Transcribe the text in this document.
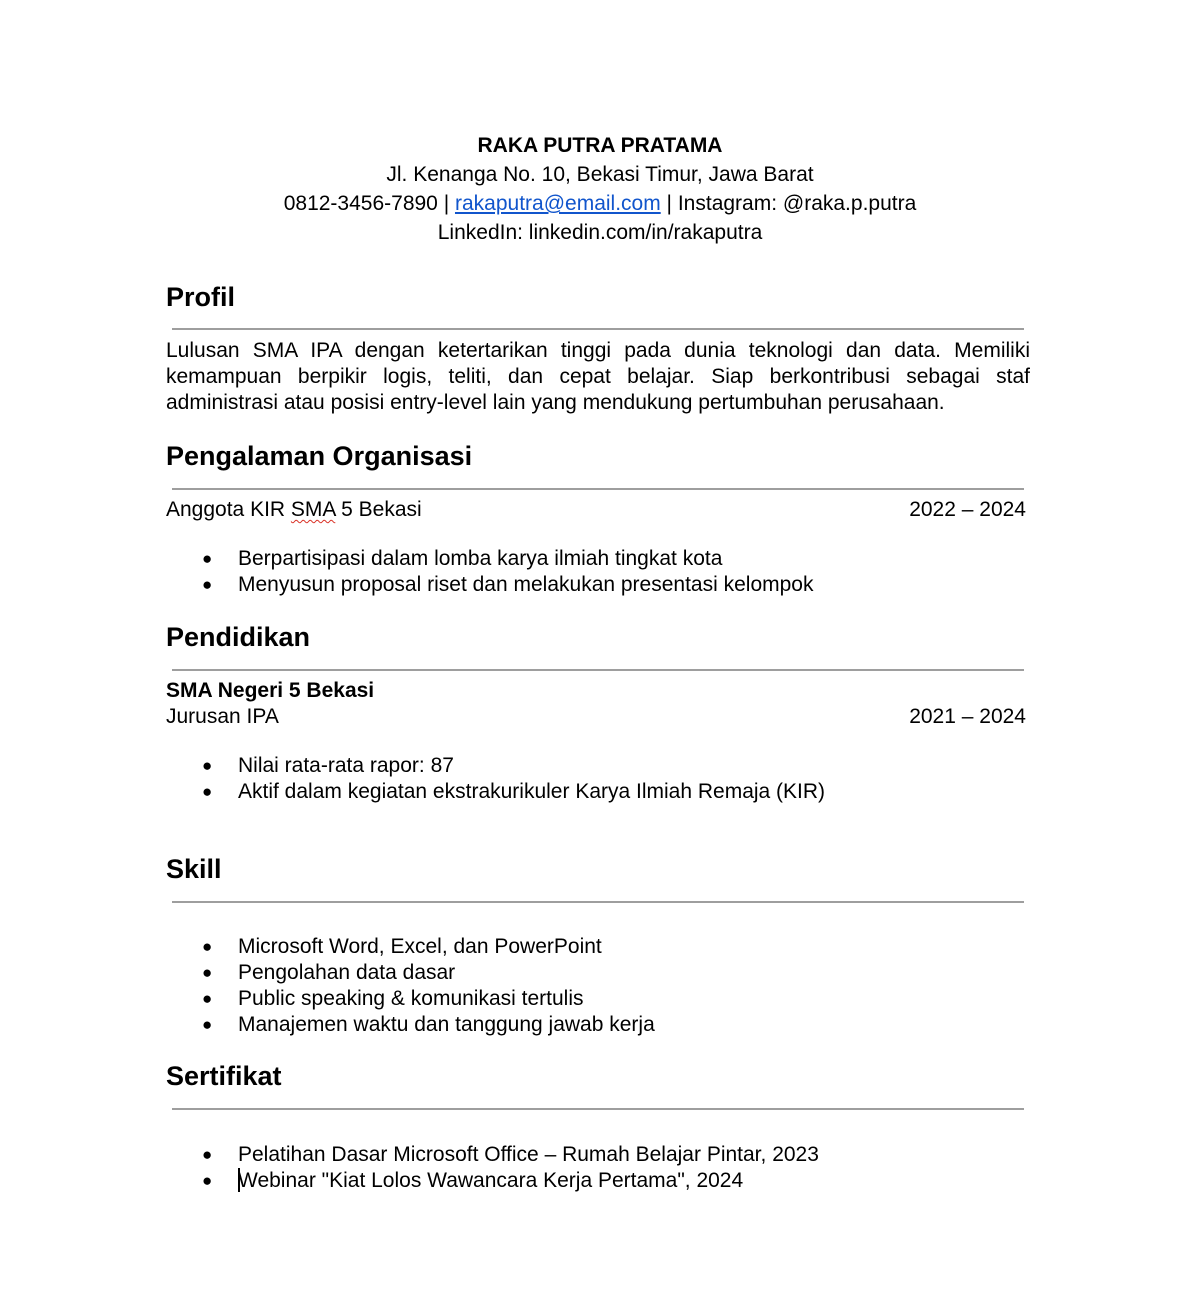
RAKA PUTRA PRATAMA
Jl. Kenanga No. 10, Bekasi Timur, Jawa Barat
0812-3456-7890 | rakaputra@email.com | Instagram: @raka.p.putra
LinkedIn: linkedin.com/in/rakaputra
Profil
Lulusan SMA IPA dengan ketertarikan tinggi pada dunia teknologi dan data. Memiliki kemampuan berpikir logis, teliti, dan cepat belajar. Siap berkontribusi sebagai staf administrasi atau posisi entry-level lain yang mendukung pertumbuhan perusahaan.
Pengalaman Organisasi
Anggota KIR SMA 5 Bekasi	2022 – 2024
● Berpartisipasi dalam lomba karya ilmiah tingkat kota
● Menyusun proposal riset dan melakukan presentasi kelompok
Pendidikan
SMA Negeri 5 Bekasi
Jurusan IPA	2021 – 2024
● Nilai rata-rata rapor: 87
● Aktif dalam kegiatan ekstrakurikuler Karya Ilmiah Remaja (KIR)
Skill
● Microsoft Word, Excel, dan PowerPoint
● Pengolahan data dasar
● Public speaking & komunikasi tertulis
● Manajemen waktu dan tanggung jawab kerja
Sertifikat
● Pelatihan Dasar Microsoft Office – Rumah Belajar Pintar, 2023
● Webinar "Kiat Lolos Wawancara Kerja Pertama", 2024
